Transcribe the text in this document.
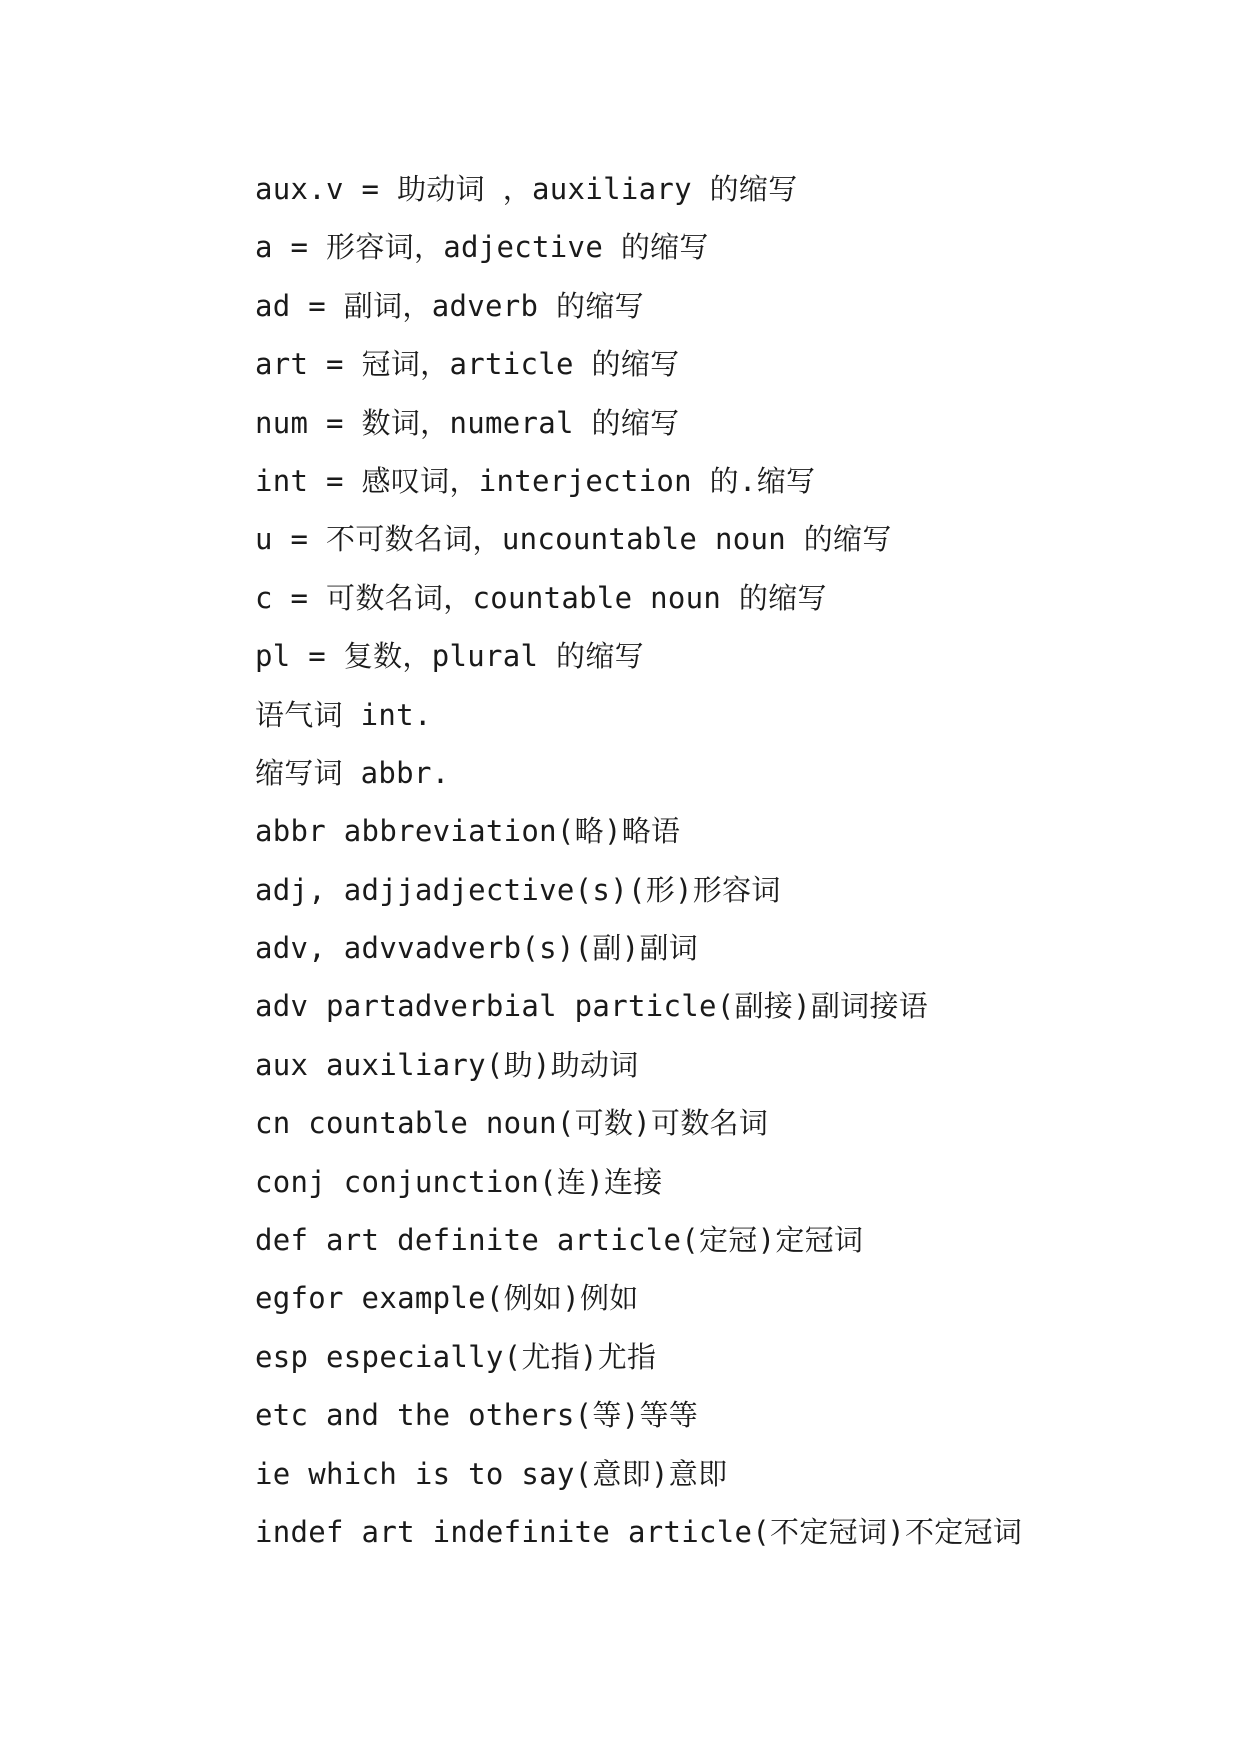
aux.v = 助动词 ，auxiliary 的缩写
a = 形容词，adjective 的缩写
ad = 副词，adverb 的缩写
art = 冠词，article 的缩写
num = 数词，numeral 的缩写
int = 感叹词，interjection 的.缩写
u = 不可数名词，uncountable noun 的缩写
c = 可数名词，countable noun 的缩写
pl = 复数，plural 的缩写
语气词 int.
缩写词 abbr.
abbr abbreviation(略)略语
adj, adjjadjective(s)(形)形容词
adv, advvadverb(s)(副)副词
adv partadverbial particle(副接)副词接语
aux auxiliary(助)助动词
cn countable noun(可数)可数名词
conj conjunction(连)连接
def art definite article(定冠)定冠词
egfor example(例如)例如
esp especially(尤指)尤指
etc and the others(等)等等
ie which is to say(意即)意即
indef art indefinite article(不定冠词)不定冠词
